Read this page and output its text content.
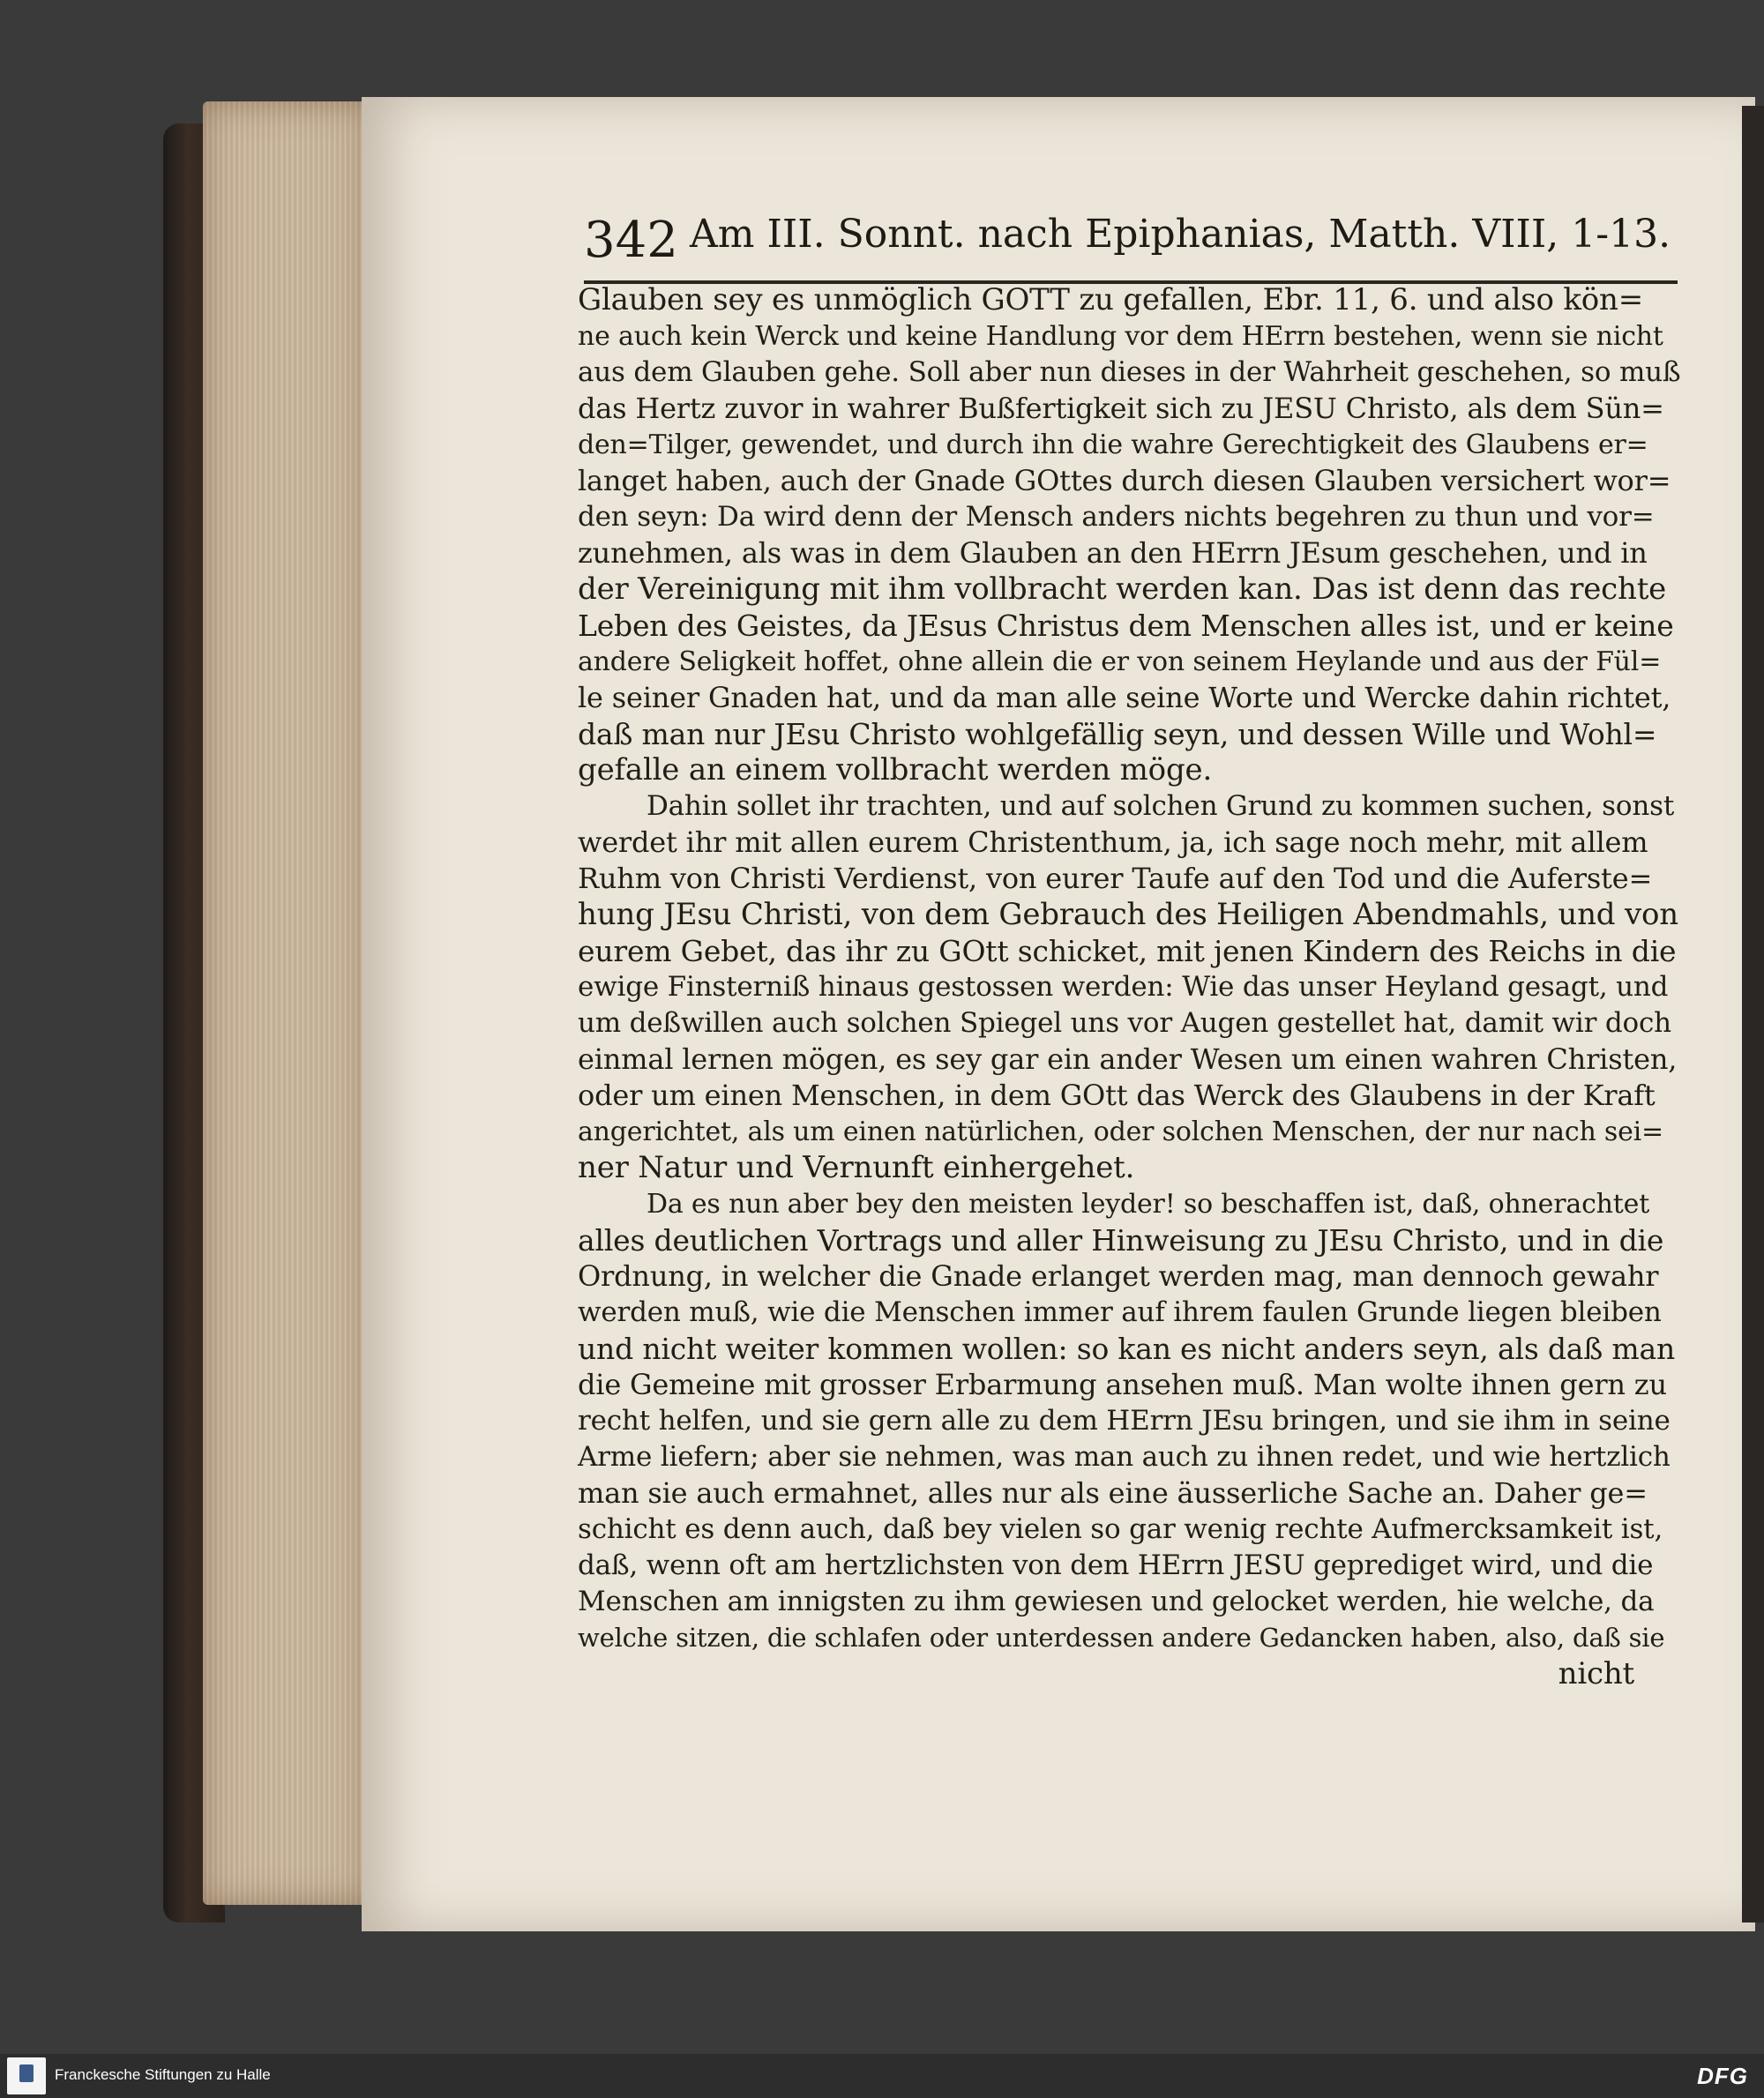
342 Am III. Sonnt. nach Epiphanias, Matth. VIII, 1-13.
Glauben sey es unmöglich GOTT zu gefallen, Ebr. 11, 6. und also kön=
ne auch kein Werck und keine Handlung vor dem HErrn bestehen, wenn sie nicht
aus dem Glauben gehe. Soll aber nun dieses in der Wahrheit geschehen, so muß
das Hertz zuvor in wahrer Bußfertigkeit sich zu JESU Christo, als dem Sün=
den=Tilger, gewendet, und durch ihn die wahre Gerechtigkeit des Glaubens er=
langet haben, auch der Gnade GOttes durch diesen Glauben versichert wor=
den seyn: Da wird denn der Mensch anders nichts begehren zu thun und vor=
zunehmen, als was in dem Glauben an den HErrn JEsum geschehen, und in
der Vereinigung mit ihm vollbracht werden kan. Das ist denn das rechte
Leben des Geistes, da JEsus Christus dem Menschen alles ist, und er keine
andere Seligkeit hoffet, ohne allein die er von seinem Heylande und aus der Fül=
le seiner Gnaden hat, und da man alle seine Worte und Wercke dahin richtet,
daß man nur JEsu Christo wohlgefällig seyn, und dessen Wille und Wohl=
gefalle an einem vollbracht werden möge.
Dahin sollet ihr trachten, und auf solchen Grund zu kommen suchen, sonst
werdet ihr mit allen eurem Christenthum, ja, ich sage noch mehr, mit allem
Ruhm von Christi Verdienst, von eurer Taufe auf den Tod und die Auferste=
hung JEsu Christi, von dem Gebrauch des Heiligen Abendmahls, und von
eurem Gebet, das ihr zu GOtt schicket, mit jenen Kindern des Reichs in die
ewige Finsterniß hinaus gestossen werden: Wie das unser Heyland gesagt, und
um deßwillen auch solchen Spiegel uns vor Augen gestellet hat, damit wir doch
einmal lernen mögen, es sey gar ein ander Wesen um einen wahren Christen,
oder um einen Menschen, in dem GOtt das Werck des Glaubens in der Kraft
angerichtet, als um einen natürlichen, oder solchen Menschen, der nur nach sei=
ner Natur und Vernunft einhergehet.
Da es nun aber bey den meisten leyder! so beschaffen ist, daß, ohnerachtet
alles deutlichen Vortrags und aller Hinweisung zu JEsu Christo, und in die
Ordnung, in welcher die Gnade erlanget werden mag, man dennoch gewahr
werden muß, wie die Menschen immer auf ihrem faulen Grunde liegen bleiben
und nicht weiter kommen wollen: so kan es nicht anders seyn, als daß man
die Gemeine mit grosser Erbarmung ansehen muß. Man wolte ihnen gern zu
recht helfen, und sie gern alle zu dem HErrn JEsu bringen, und sie ihm in seine
Arme liefern; aber sie nehmen, was man auch zu ihnen redet, und wie hertzlich
man sie auch ermahnet, alles nur als eine äusserliche Sache an. Daher ge=
schicht es denn auch, daß bey vielen so gar wenig rechte Aufmercksamkeit ist,
daß, wenn oft am hertzlichsten von dem HErrn JESU geprediget wird, und die
Menschen am innigsten zu ihm gewiesen und gelocket werden, hie welche, da
welche sitzen, die schlafen oder unterdessen andere Gedancken haben, also, daß sie
nicht
Franckesche Stiftungen zu Halle	DFG
